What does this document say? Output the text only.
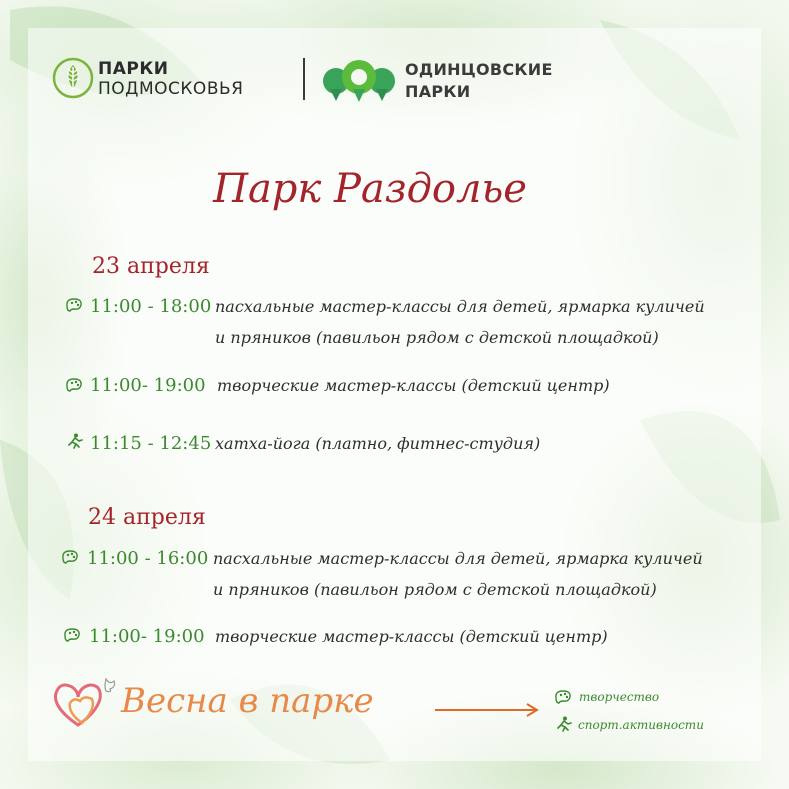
ПАРКИ
ПОДМОСКОВЬЯ
ОДИНЦОВСКИЕ
ПАРКИ
Парк Раздолье
23 апреля
11:00 - 18:00 пасхальные мастер-классы для детей, ярмарка куличей
и пряников (павильон рядом с детской площадкой)
11:00- 19:00 творческие мастер-классы (детский центр)
11:15 - 12:45 хатха-йога (платно, фитнес-студия)
24 апреля
11:00 - 16:00 пасхальные мастер-классы для детей, ярмарка куличей
и пряников (павильон рядом с детской площадкой)
11:00- 19:00 творческие мастер-классы (детский центр)
Весна в парке	творчество
спорт.активности
